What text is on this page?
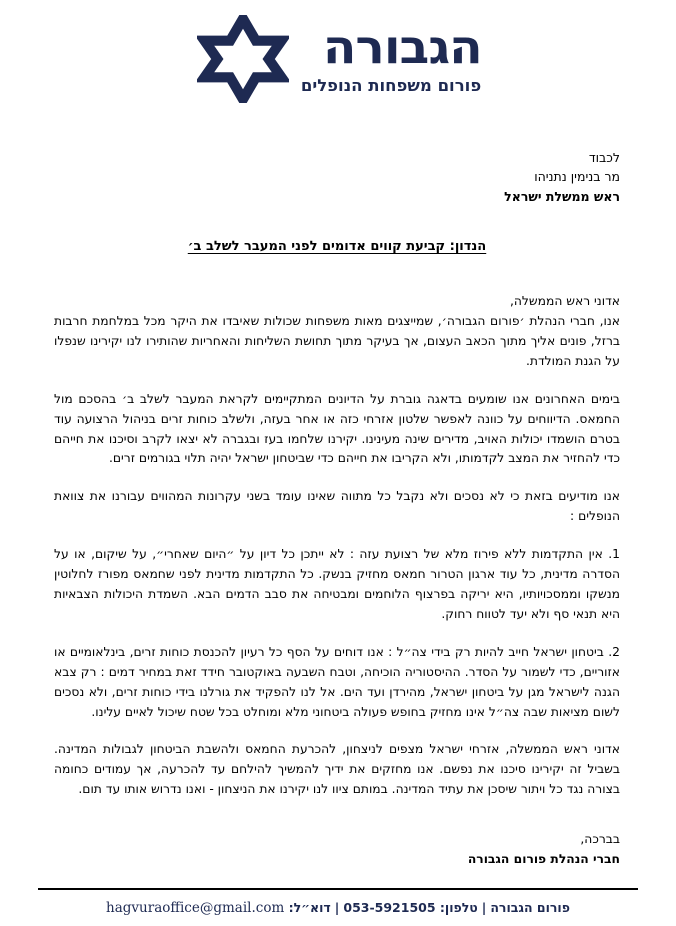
הגבורה
פורום משפחות הנופלים
לכבוד
מר בנימין נתניהו
ראש ממשלת ישראל
הנדון: קביעת קווים אדומים לפני המעבר לשלב ב׳
אדוני ראש הממשלה,

אנו, חברי הנהלת ׳פורום הגבורה׳, שמייצגים מאות משפחות שכולות שאיבדו את היקר מכל במלחמת חרבות ברזל, פונים אליך מתוך הכאב העצום, אך בעיקר מתוך תחושת השליחות והאחריות שהותירו לנו יקירינו שנפלו על הגנת המולדת.

בימים האחרונים אנו שומעים בדאגה גוברת על הדיונים המתקיימים לקראת המעבר לשלב ב׳ בהסכם מול החמאס. הדיווחים על כוונה לאפשר שלטון אזרחי כזה או אחר בעזה, ולשלב כוחות זרים בניהול הרצועה עוד בטרם הושמדו יכולות האויב, מדירים שינה מעינינו. יקירנו שלחמו בעז ובגברה לא יצאו לקרב וסיכנו את חייהם כדי להחזיר את המצב לקדמותו, ולא הקריבו את חייהם כדי שביטחון ישראל יהיה תלוי בגורמים זרים.

אנו מודיעים בזאת כי לא נסכים ולא נקבל כל מתווה שאינו עומד בשני עקרונות המהווים עבורנו את צוואת הנופלים :

1. אין התקדמות ללא פירוז מלא של רצועת עזה : לא ייתכן כל דיון על ״היום שאחרי״, על שיקום, או על הסדרה מדינית, כל עוד ארגון הטרור חמאס מחזיק בנשק. כל התקדמות מדינית לפני שחמאס מפורז לחלוטין מנשקו וממסכויותיו, היא יריקה בפרצוף הלוחמים ומבטיחה את סבב הדמים הבא. השמדת היכולות הצבאיות היא תנאי סף ולא יעד לטווח רחוק.
2. ביטחון ישראל חייב להיות רק בידי צה״ל : אנו דוחים על הסף כל רעיון להכנסת כוחות זרים, בינלאומיים או אזוריים, כדי לשמור על הסדר. ההיסטוריה הוכיחה, וטבח השבעה באוקטובר חידד זאת במחיר דמים : רק צבא הגנה לישראל מגן על ביטחון ישראל, מהירדן ועד הים. אל לנו להפקיד את גורלנו בידי כוחות זרים, ולא נסכים לשום מציאות שבה צה״ל אינו מחזיק בחופש פעולה ביטחוני מלא ומוחלט בכל שטח שיכול לאיים עלינו.

אדוני ראש הממשלה, אזרחי ישראל מצפים לניצחון, להכרעת החמאס ולהשבת הביטחון לגבולות המדינה. בשביל זה יקירינו סיכנו את נפשם. אנו מחזקים את ידיך להמשיך להילחם עד להכרעה, אך עמודים כחומה בצורה נגד כל ויתור שיסכן את עתיד המדינה. במותם ציוו לנו יקירנו את הניצחון - ואנו נדרוש אותו עד תום.

בברכה,
חברי הנהלת פורום הגבורה
פורום הגבורה|טלפון: 053-5921505|דוא״ל: hagvuraoffice@gmail.com
